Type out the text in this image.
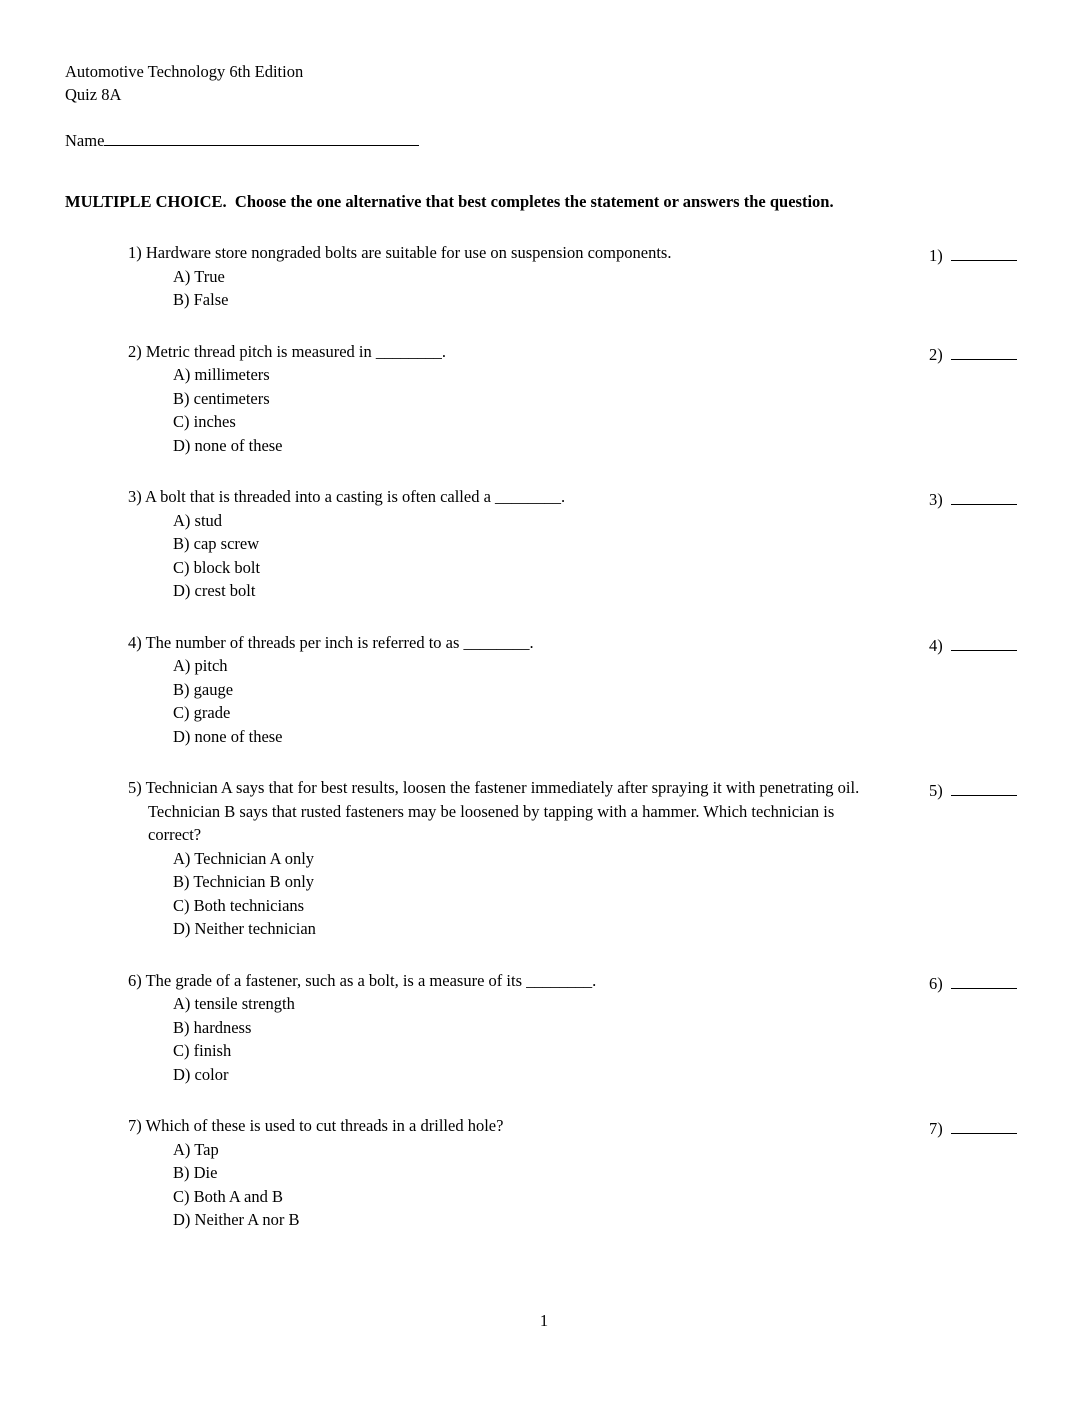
Automotive Technology 6th Edition
Quiz 8A
Name
MULTIPLE CHOICE.  Choose the one alternative that best completes the statement or answers the question.
1) Hardware store nongraded bolts are suitable for use on suspension components.
A) True
B) False
1)
2) Metric thread pitch is measured in ________.
A) millimeters
B) centimeters
C) inches
D) none of these
2)
3) A bolt that is threaded into a casting is often called a ________.
A) stud
B) cap screw
C) block bolt
D) crest bolt
3)
4) The number of threads per inch is referred to as ________.
A) pitch
B) gauge
C) grade
D) none of these
4)
5) Technician A says that for best results, loosen the fastener immediately after spraying it with penetrating oil. Technician B says that rusted fasteners may be loosened by tapping with a hammer. Which technician is correct?
A) Technician A only
B) Technician B only
C) Both technicians
D) Neither technician
5)
6) The grade of a fastener, such as a bolt, is a measure of its ________.
A) tensile strength
B) hardness
C) finish
D) color
6)
7) Which of these is used to cut threads in a drilled hole?
A) Tap
B) Die
C) Both A and B
D) Neither A nor B
7)
1
